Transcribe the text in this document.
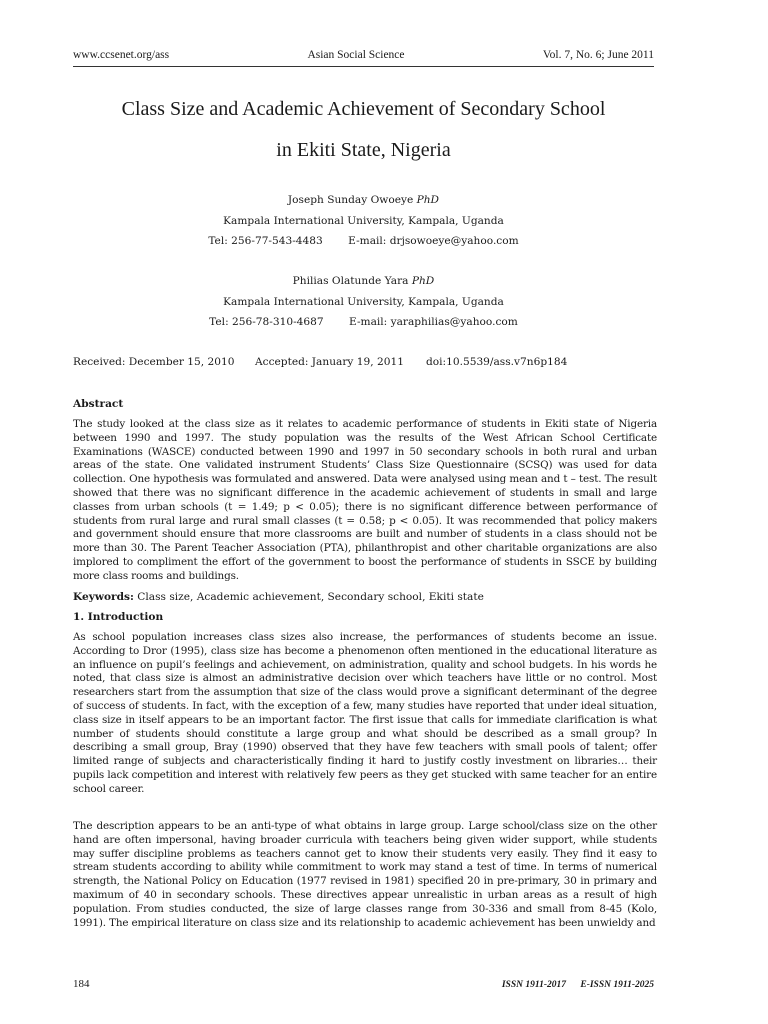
www.ccsenet.org/ass	Asian Social Science	Vol. 7, No. 6; June 2011
Class Size and Academic Achievement of Secondary School
in Ekiti State, Nigeria
Joseph Sunday Owoeye PhD
Kampala International University, Kampala, Uganda
Tel: 256-77-543-4483 E-mail: drjsowoeye@yahoo.com
Philias Olatunde Yara PhD
Kampala International University, Kampala, Uganda
Tel: 256-78-310-4687 E-mail: yaraphilias@yahoo.com
Received: December 15, 2010 Accepted: January 19, 2011 doi:10.5539/ass.v7n6p184
Abstract

The study looked at the class size as it relates to academic performance of students in Ekiti state of Nigeria between 1990 and 1997. The study population was the results of the West African School Certificate Examinations (WASCE) conducted between 1990 and 1997 in 50 secondary schools in both rural and urban areas of the state. One validated instrument Students’ Class Size Questionnaire (SCSQ) was used for data collection. One hypothesis was formulated and answered. Data were analysed using mean and t – test. The result showed that there was no significant difference in the academic achievement of students in small and large classes from urban schools (t = 1.49; p < 0.05); there is no significant difference between performance of students from rural large and rural small classes (t = 0.58; p < 0.05). It was recommended that policy makers and government should ensure that more classrooms are built and number of students in a class should not be more than 30. The Parent Teacher Association (PTA), philanthropist and other charitable organizations are also implored to compliment the effort of the government to boost the performance of students in SSCE by building more class rooms and buildings.

Keywords: Class size, Academic achievement, Secondary school, Ekiti state
1. Introduction

As school population increases class sizes also increase, the performances of students become an issue. According to Dror (1995), class size has become a phenomenon often mentioned in the educational literature as an influence on pupil’s feelings and achievement, on administration, quality and school budgets. In his words he noted, that class size is almost an administrative decision over which teachers have little or no control. Most researchers start from the assumption that size of the class would prove a significant determinant of the degree of success of students. In fact, with the exception of a few, many studies have reported that under ideal situation, class size in itself appears to be an important factor. The first issue that calls for immediate clarification is what number of students should constitute a large group and what should be described as a small group? In describing a small group, Bray (1990) observed that they have few teachers with small pools of talent; offer limited range of subjects and characteristically finding it hard to justify costly investment on libraries… their pupils lack competition and interest with relatively few peers as they get stucked with same teacher for an entire school career.

The description appears to be an anti-type of what obtains in large group. Large school/class size on the other hand are often impersonal, having broader curricula with teachers being given wider support, while students may suffer discipline problems as teachers cannot get to know their students very easily. They find it easy to stream students according to ability while commitment to work may stand a test of time. In terms of numerical strength, the National Policy on Education (1977 revised in 1981) specified 20 in pre-primary, 30 in primary and maximum of 40 in secondary schools. These directives appear unrealistic in urban areas as a result of high population. From studies conducted, the size of large classes range from 30-336 and small from 8-45 (Kolo, 1991). The empirical literature on class size and its relationship to academic achievement has been unwieldy and

184	ISSN 1911-2017 E-ISSN 1911-2025
